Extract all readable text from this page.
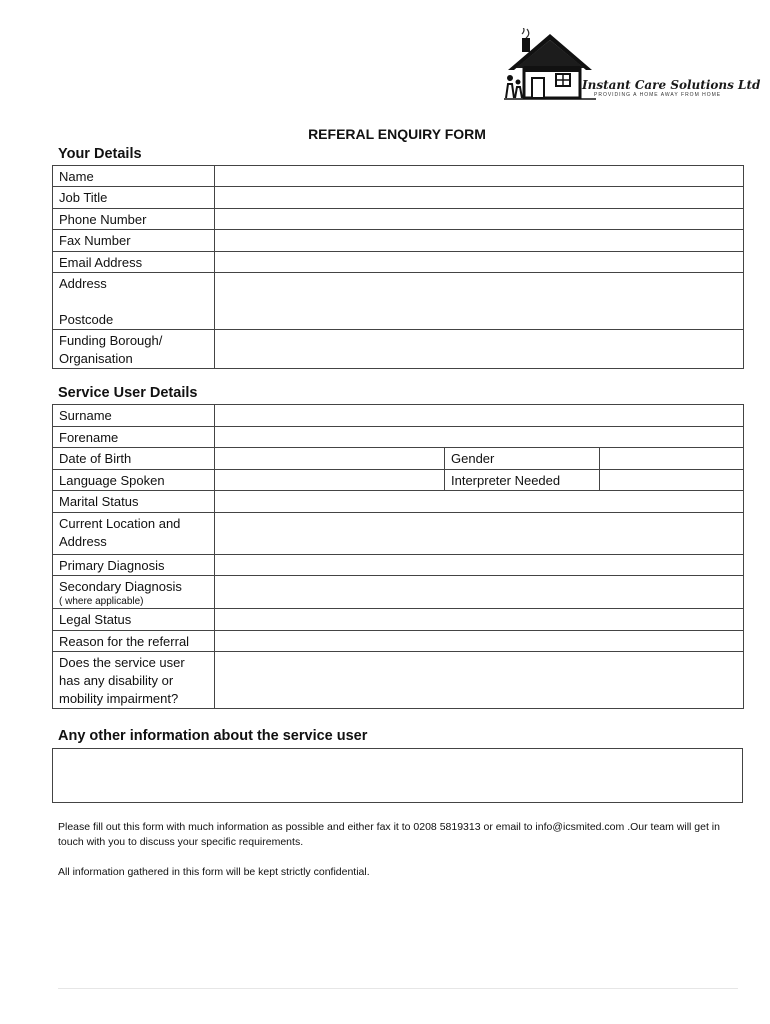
Instant Care Solutions Ltd
PROVIDING A HOME AWAY FROM HOME
REFERAL ENQUIRY FORM
Your Details
Name	
Job Title	
Phone Number	
Fax Number	
Email Address	

Address
Postcode	

Funding Borough/
Organisation	

Service User Details
Surname			
Forename			
Date of Birth		Gender	
Language Spoken		Interpreter Needed	
Marital Status			

Current Location and
Address			

Primary Diagnosis			

Secondary Diagnosis
( where applicable)			

Legal Status			
Reason for the referral			

Does the service user
has any disability or
mobility impairment?			

Any other information about the service user
Please fill out this form with much information as possible and either fax it to 0208 5819313 or email to info@icsmited.com .Our team will get in touch with you to discuss your specific requirements.
All information gathered in this form will be kept strictly confidential.
